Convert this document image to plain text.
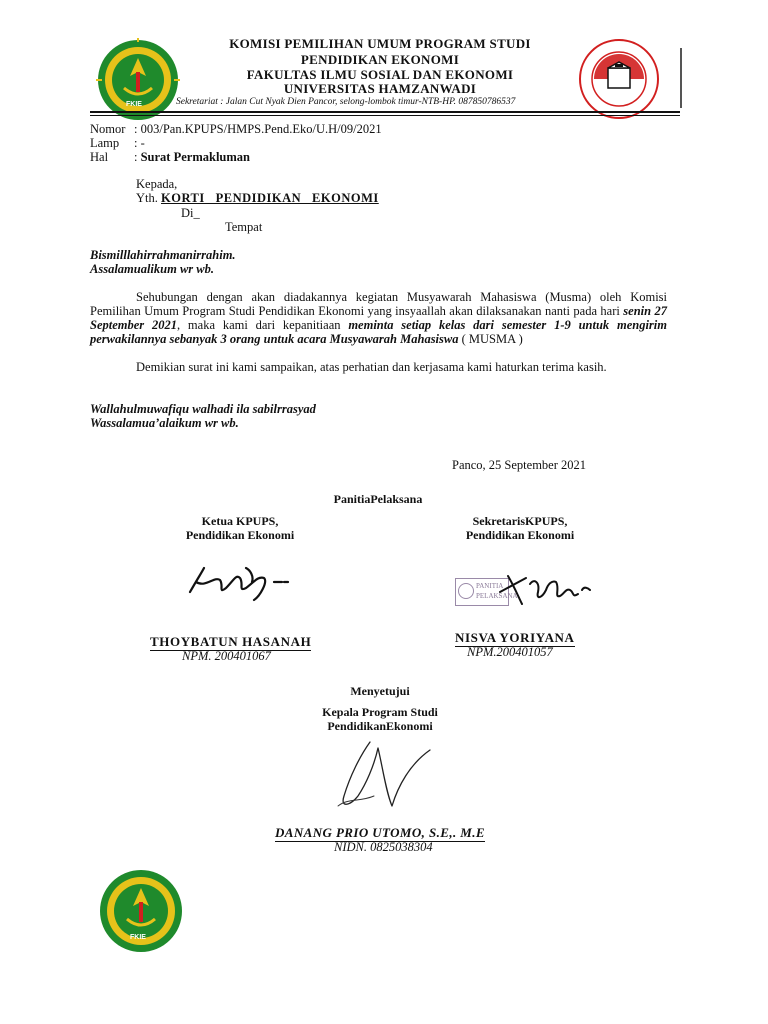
FKIE
KOMISI PEMILIHAN UMUM PROGRAM STUDI
PENDIDIKAN EKONOMI
FAKULTAS ILMU SOSIAL DAN EKONOMI
UNIVERSITAS HAMZANWADI
Sekretariat : Jalan Cut Nyak Dien Pancor, selong-lombok timur-NTB-HP. 087850786537
Nomor : 003/Pan.KPUPS/HMPS.Pend.Eko/U.H/09/2021
Lamp : -
Hal : Surat Permakluman
Kepada,
Yth. KORTI   PENDIDIKAN   EKONOMI
Di_
Tempat
Bismilllahirrahmanirrahim.
Assalamualikum wr wb.
Sehubungan dengan akan diadakannya kegiatan Musyawarah Mahasiswa (Musma) oleh Komisi Pemilihan Umum Program Studi Pendidikan Ekonomi yang insyaallah akan dilaksanakan nanti pada hari senin 27 September 2021, maka kami dari kepanitiaan meminta setiap kelas dari semester 1-9 untuk mengirim perwakilannya sebanyak 3 orang untuk acara Musyawarah Mahasiswa ( MUSMA )
Demikian surat ini kami sampaikan, atas perhatian dan kerjasama kami haturkan terima kasih.
Wallahulmuwafiqu walhadi ila sabilrrasyad
Wassalamua’alaikum wr wb.
Panco, 25 September 2021
PanitiaPelaksana
Ketua KPUPS,
Pendidikan Ekonomi
SekretarisKPUPS,
Pendidikan Ekonomi
PANITIA
PELAKSANA
THOYBATUN HASANAH
NPM. 200401067
NISVA YORIYANA
NPM.200401057
Menyetujui
Kepala Program Studi
PendidikanEkonomi
DANANG PRIO UTOMO, S.E,. M.E
NIDN. 0825038304
FKIE
